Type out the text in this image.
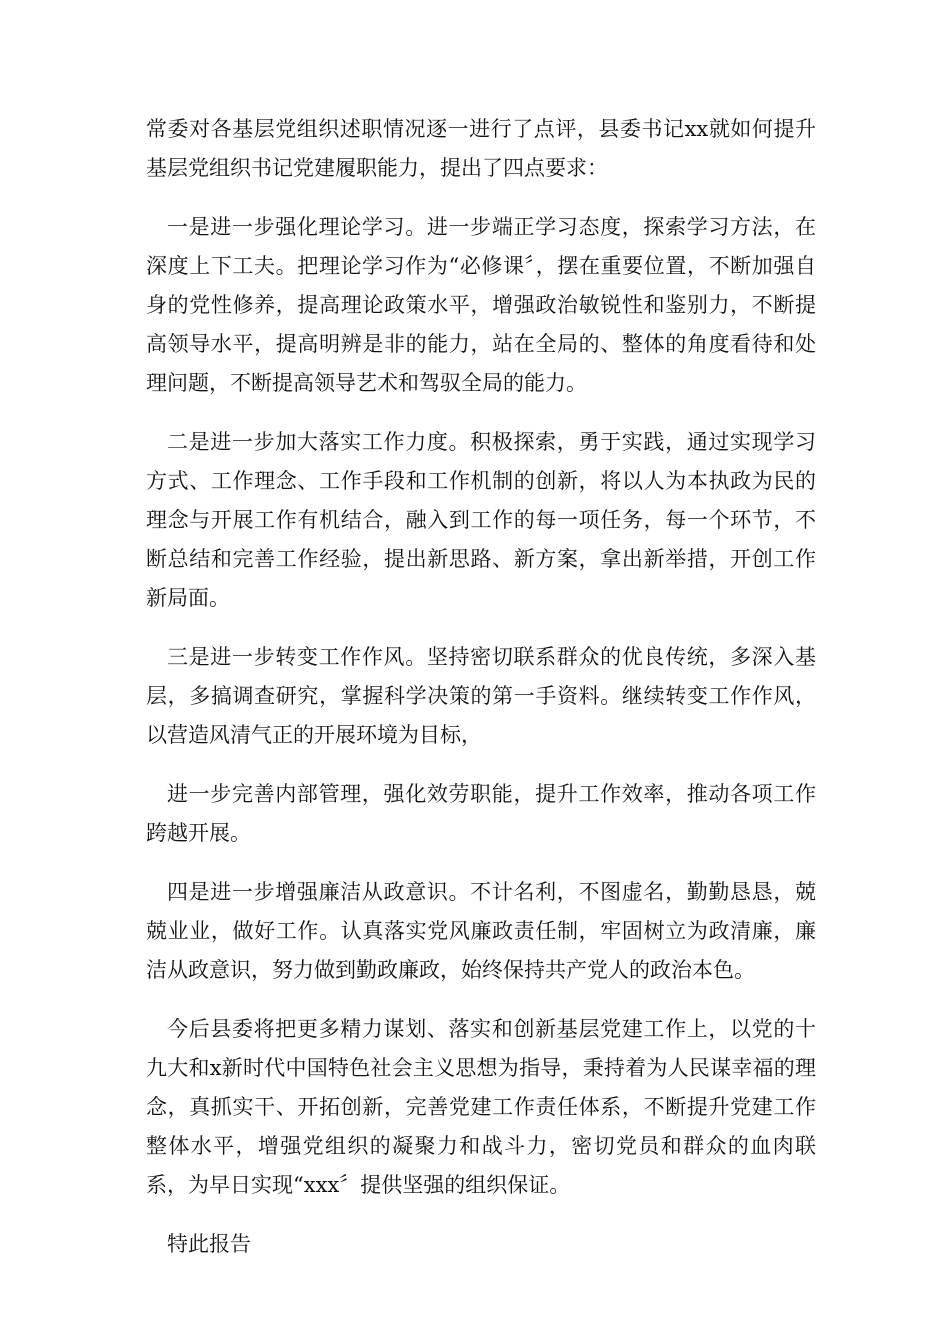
常委对各基层党组织述职情况逐一进行了点评，县委书记xx就如何提升基层党组织书记党建履职能力，提出了四点要求：

一是进一步强化理论学习。进一步端正学习态度，探索学习方法，在深度上下工夫。把理论学习作为“必修课〞，摆在重要位置，不断加强自身的党性修养，提高理论政策水平，增强政治敏锐性和鉴别力，不断提高领导水平，提高明辨是非的能力，站在全局的、整体的角度看待和处理问题，不断提高领导艺术和驾驭全局的能力。

二是进一步加大落实工作力度。积极探索，勇于实践，通过实现学习方式、工作理念、工作手段和工作机制的创新，将以人为本执政为民的理念与开展工作有机结合，融入到工作的每一项任务，每一个环节，不断总结和完善工作经验，提出新思路、新方案，拿出新举措，开创工作新局面。

三是进一步转变工作作风。坚持密切联系群众的优良传统，多深入基层，多搞调查研究，掌握科学决策的第一手资料。继续转变工作作风，以营造风清气正的开展环境为目标，

进一步完善内部管理，强化效劳职能，提升工作效率，推动各项工作跨越开展。

四是进一步增强廉洁从政意识。不计名利，不图虚名，勤勤恳恳，兢兢业业，做好工作。认真落实党风廉政责任制，牢固树立为政清廉，廉洁从政意识，努力做到勤政廉政，始终保持共产党人的政治本色。

今后县委将把更多精力谋划、落实和创新基层党建工作上，以党的十九大和x新时代中国特色社会主义思想为指导，秉持着为人民谋幸福的理念，真抓实干、开拓创新，完善党建工作责任体系，不断提升党建工作整体水平，增强党组织的凝聚力和战斗力，密切党员和群众的血肉联系，为早日实现“xxx〞提供坚强的组织保证。

特此报告
